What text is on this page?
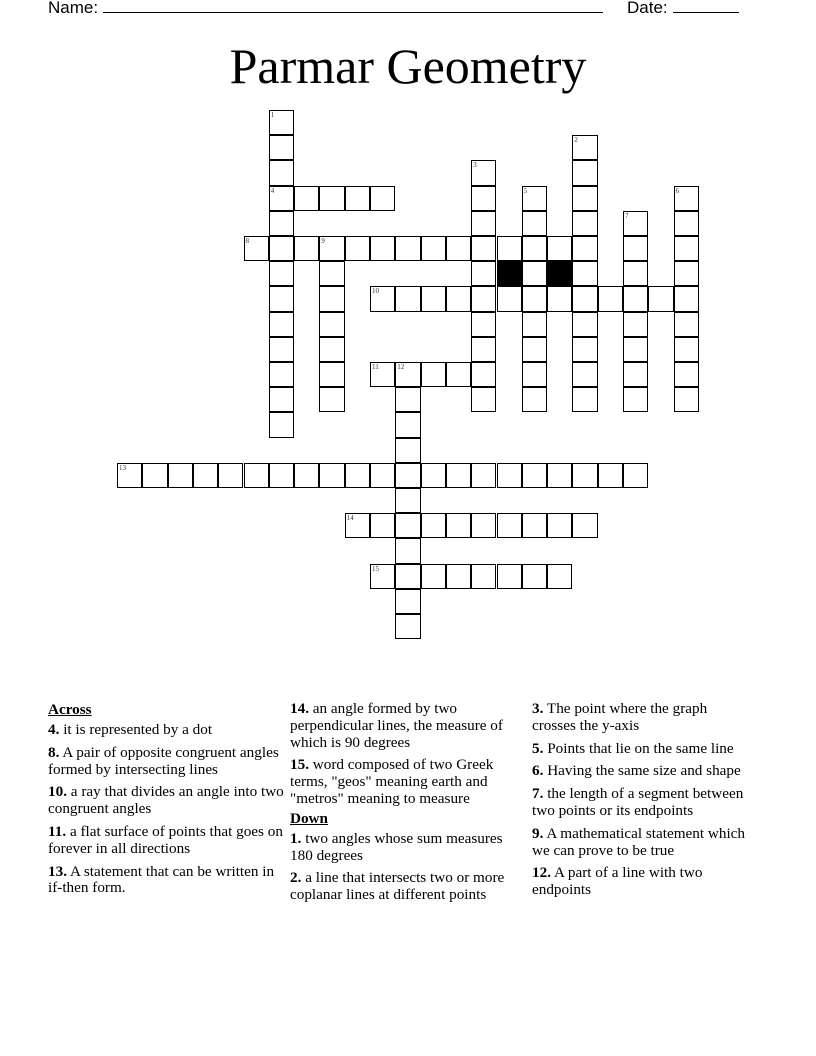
Name:	Date:
Parmar Geometry
1
4
2
3
5	6
7
8	9
10
11	12
13
14
15
Across
4. it is represented by a dot
8. A pair of opposite congruent angles formed by intersecting lines
10. a ray that divides an angle into two congruent angles
11. a flat surface of points that goes on forever in all directions
13. A statement that can be written in if-then form.
14. an angle formed by two perpendicular lines, the measure of which is 90 degrees
15. word composed of two Greek terms, "geos" meaning earth and "metros" meaning to measure
Down
1. two angles whose sum measures 180 degrees
2. a line that intersects two or more coplanar lines at different points
3. The point where the graph crosses the y-axis
5. Points that lie on the same line
6. Having the same size and shape
7. the length of a segment between two points or its endpoints
9. A mathematical statement which we can prove to be true
12. A part of a line with two endpoints
